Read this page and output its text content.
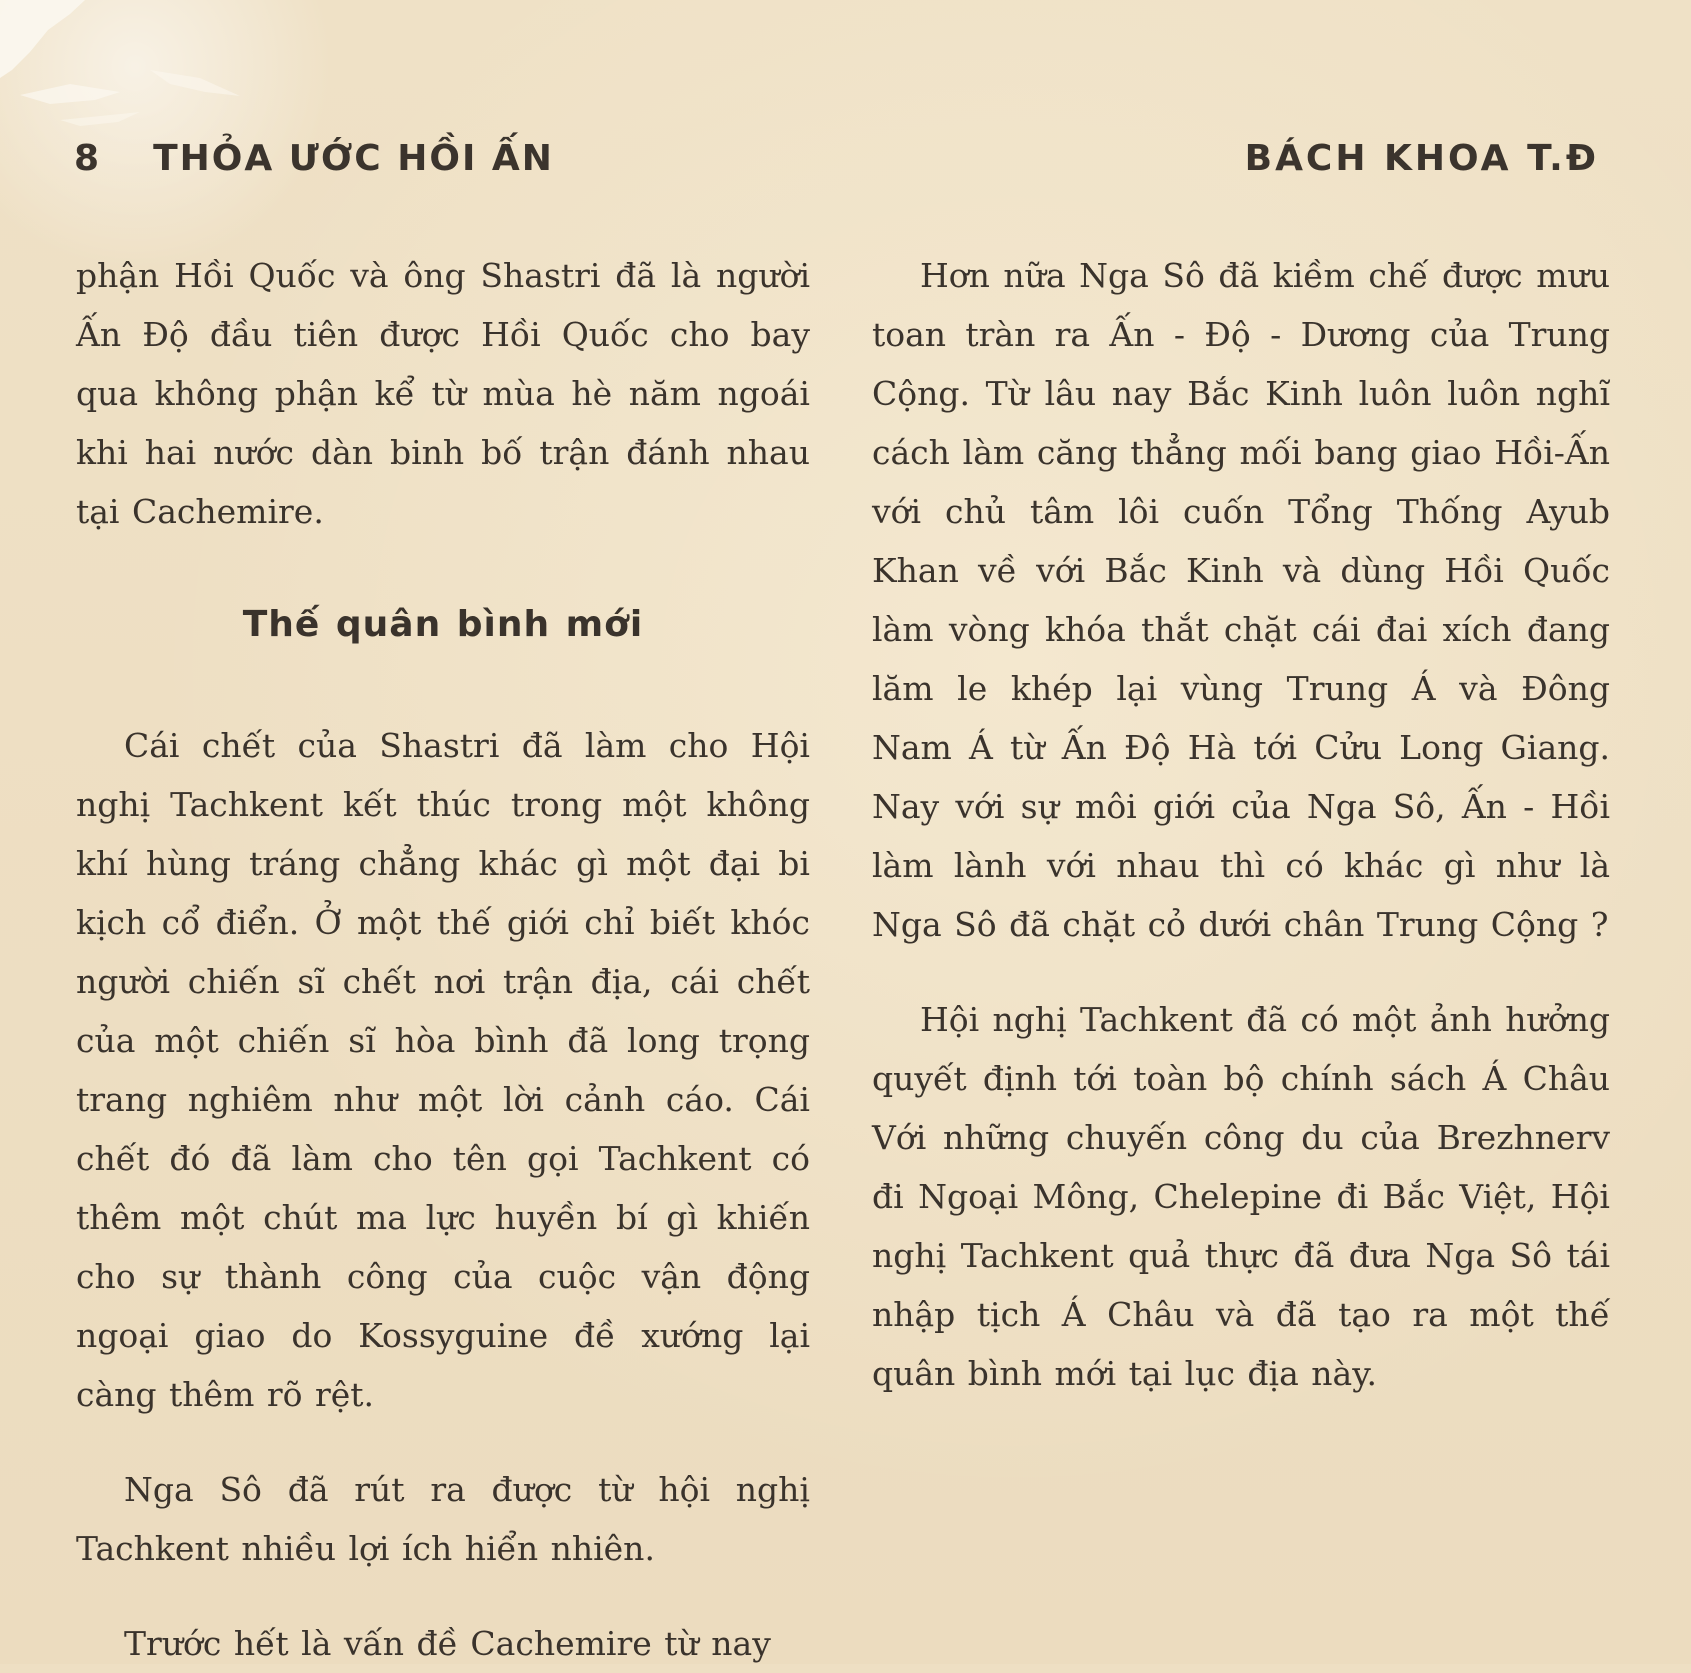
8 THỎA ƯỚC HỒI ẤN	BÁCH KHOA T.Đ

phận Hồi Quốc và ông Shastri đã là người Ấn Độ đầu tiên được Hồi Quốc cho bay qua không phận kể từ mùa hè năm ngoái khi hai nước dàn binh bố trận đánh nhau tại Cachemire.

Thế quân bình mới

Cái chết của Shastri đã làm cho Hội nghị Tachkent kết thúc trong một không khí hùng tráng chẳng khác gì một đại bi kịch cổ điển. Ở một thế giới chỉ biết khóc người chiến sĩ chết nơi trận địa, cái chết của một chiến sĩ hòa bình đã long trọng trang nghiêm như một lời cảnh cáo. Cái chết đó đã làm cho tên gọi Tachkent có thêm một chút ma lực huyền bí gì khiến cho sự thành công của cuộc vận động ngoại giao do Kossyguine đề xướng lại càng thêm rõ rệt.

Nga Sô đã rút ra được từ hội nghị Tachkent nhiều lợi ích hiển nhiên.

Trước hết là vấn đề Cachemire từ nay

Hơn nữa Nga Sô đã kiềm chế được mưu toan tràn ra Ấn - Độ - Dương của Trung Cộng. Từ lâu nay Bắc Kinh luôn luôn nghĩ cách làm căng thẳng mối bang giao Hồi-Ấn với chủ tâm lôi cuốn Tổng Thống Ayub Khan về với Bắc Kinh và dùng Hồi Quốc làm vòng khóa thắt chặt cái đai xích đang lăm le khép lại vùng Trung Á và Đông Nam Á từ Ấn Độ Hà tới Cửu Long Giang. Nay với sự môi giới của Nga Sô, Ấn - Hồi làm lành với nhau thì có khác gì như là Nga Sô đã chặt cỏ dưới chân Trung Cộng ?

Hội nghị Tachkent đã có một ảnh hưởng quyết định tới toàn bộ chính sách Á Châu Với những chuyến công du của Brezhnerv đi Ngoại Mông, Chelepine đi Bắc Việt, Hội nghị Tachkent quả thực đã đưa Nga Sô tái nhập tịch Á Châu và đã tạo ra một thế quân bình mới tại lục địa này.
